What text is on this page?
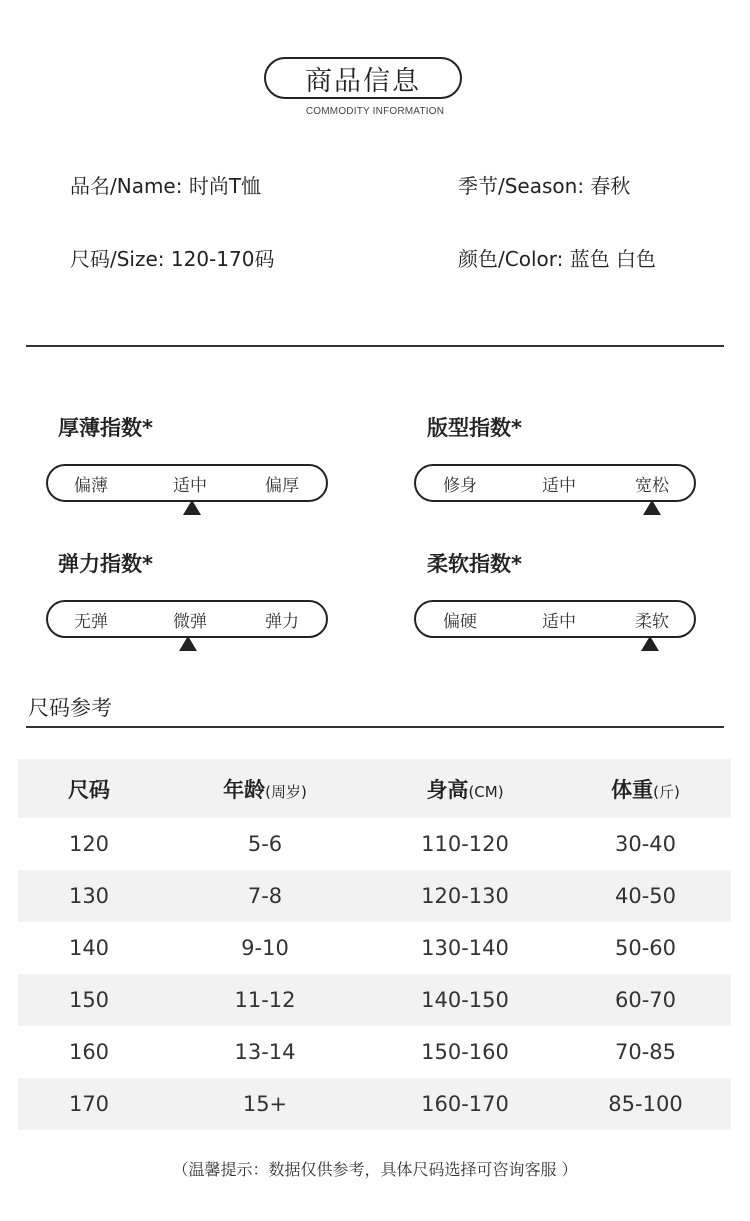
商品信息
COMMODITY INFORMATION
品名/Name: 时尚T恤	季节/Season: 春秋
尺码/Size: 120-170码	颜色/Color: 蓝色 白色
厚薄指数*
偏薄	适中	偏厚
版型指数*
修身	适中	宽松
弹力指数*
无弹	微弹	弹力
柔软指数*
偏硬	适中	柔软
尺码参考
尺码	年龄(周岁)	身高(CM)	体重(斤)
120	5-6	110-120	30-40
130	7-8	120-130	40-50
140	9-10	130-140	50-60
150	11-12	140-150	60-70
160	13-14	150-160	70-85
170	15+	160-170	85-100
（温馨提示：数据仅供参考，具体尺码选择可咨询客服 ）
